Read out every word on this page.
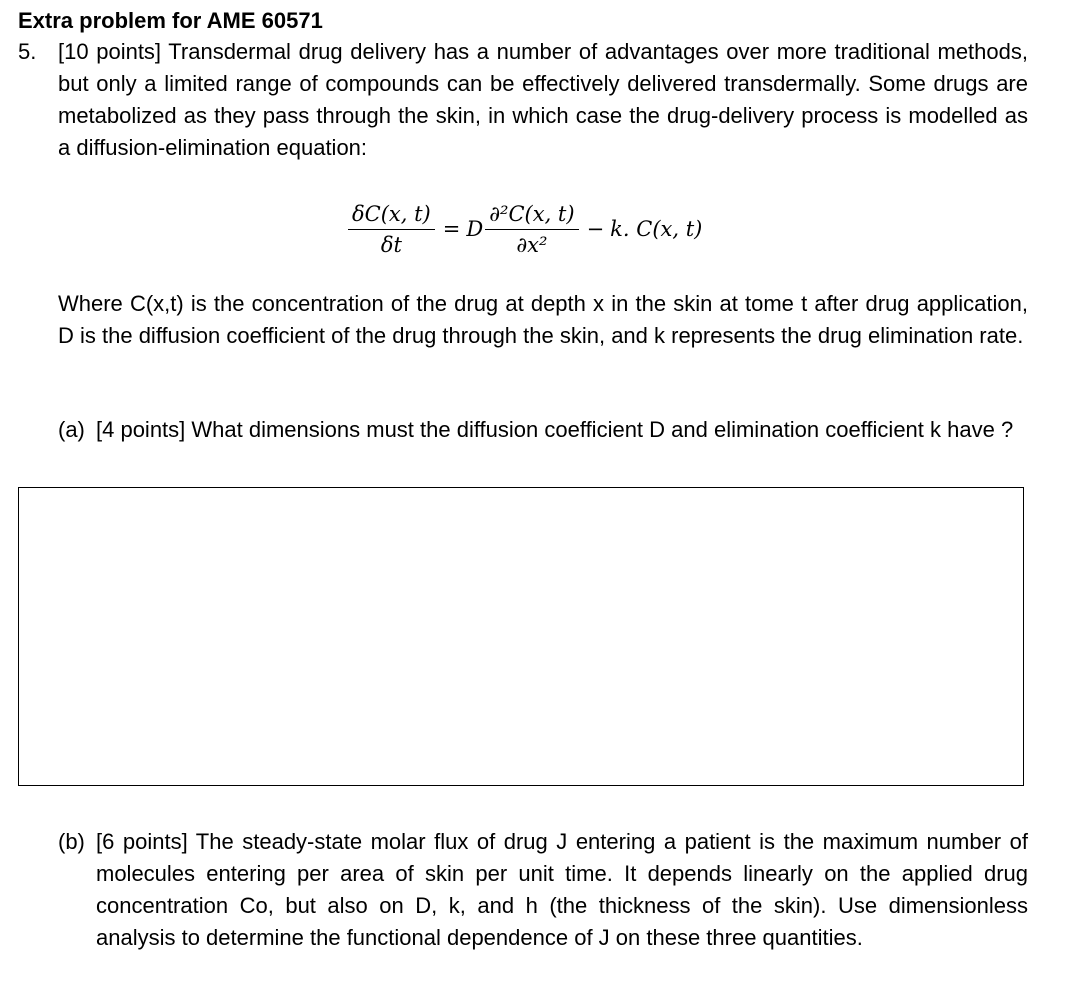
Extra problem for AME 60571
5. [10 points] Transdermal drug delivery has a number of advantages over more traditional methods, but only a limited range of compounds can be effectively delivered transdermally. Some drugs are metabolized as they pass through the skin, in which case the drug-delivery process is modelled as a diffusion-elimination equation:
$\frac{\delta C(x, t)}{\delta t} = D \frac{\text{∂²C(x, t)}}{\text{∂x²}} - k$. C(x, t)
Where C(x,t) is the concentration of the drug at depth x in the skin at tome t after drug application, D is the diffusion coefficient of the drug through the skin, and k represents the drug elimination rate.
(a) [4 points] What dimensions must the diffusion coefficient D and elimination coefficient k have ?
(b) [6 points] The steady-state molar flux of drug J entering a patient is the maximum number of molecules entering per area of skin per unit time. It depends linearly on the applied drug concentration Co, but also on D, k, and h (the thickness of the skin). Use dimensionless analysis to determine the functional dependence of J on these three quantities.
